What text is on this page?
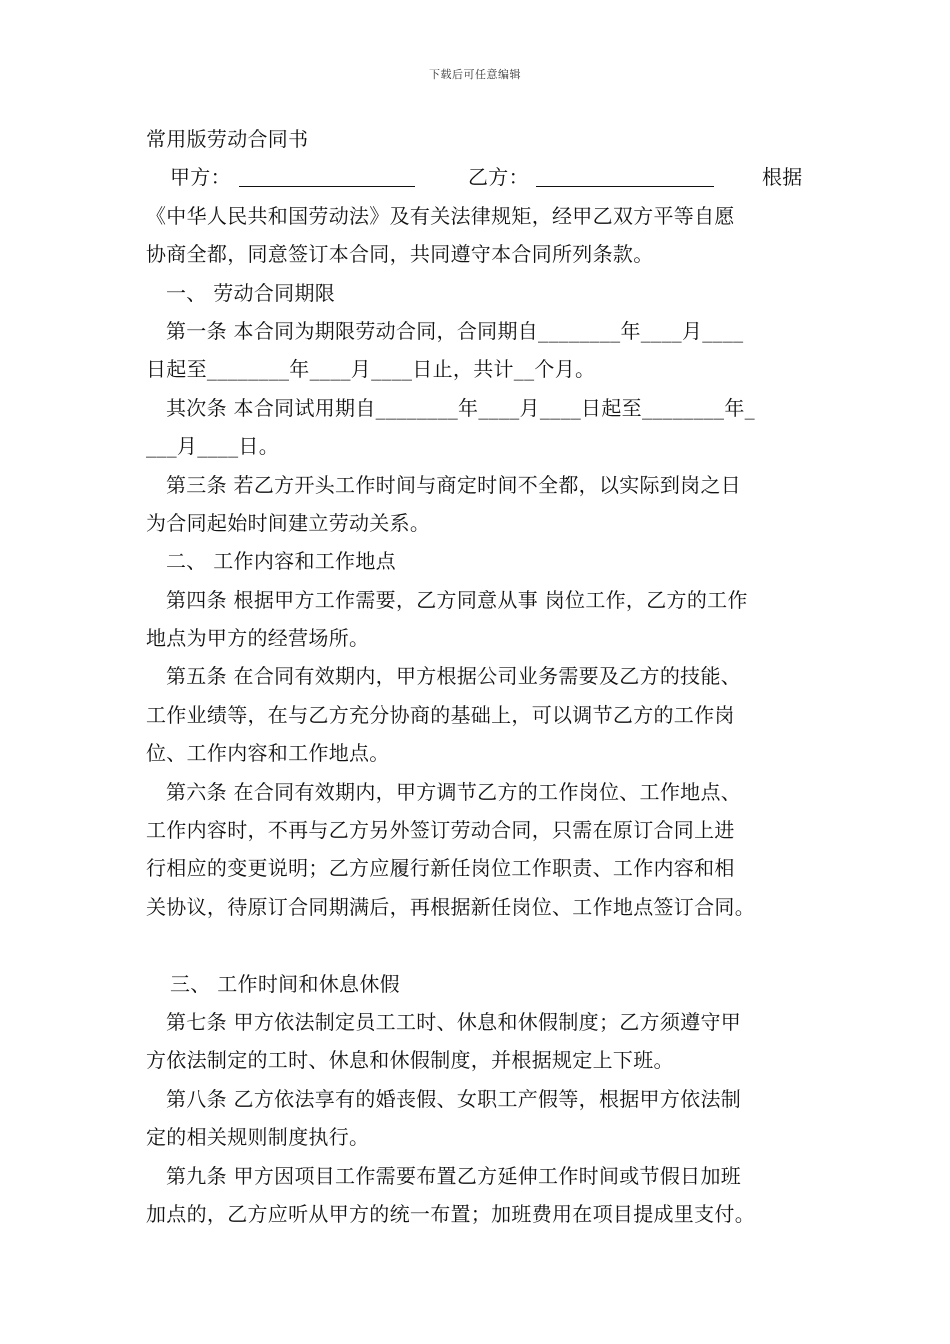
下载后可任意编辑
常用版劳动合同书
甲方：	乙方：	根据
《中华人民共和国劳动法》及有关法律规矩，经甲乙双方平等自愿
协商全都，同意签订本合同，共同遵守本合同所列条款。
一、 劳动合同期限
第一条 本合同为期限劳动合同，合同期自________年____月____
日起至________年____月____日止，共计__个月。
其次条 本合同试用期自________年____月____日起至________年_
___月____日。
第三条 若乙方开头工作时间与商定时间不全都，以实际到岗之日
为合同起始时间建立劳动关系。
二、 工作内容和工作地点
第四条 根据甲方工作需要，乙方同意从事 岗位工作，乙方的工作
地点为甲方的经营场所。
第五条 在合同有效期内，甲方根据公司业务需要及乙方的技能、
工作业绩等，在与乙方充分协商的基础上，可以调节乙方的工作岗
位、工作内容和工作地点。
第六条 在合同有效期内，甲方调节乙方的工作岗位、工作地点、
工作内容时，不再与乙方另外签订劳动合同，只需在原订合同上进
行相应的变更说明；乙方应履行新任岗位工作职责、工作内容和相
关协议，待原订合同期满后，再根据新任岗位、工作地点签订合同。
三、 工作时间和休息休假
第七条 甲方依法制定员工工时、休息和休假制度；乙方须遵守甲
方依法制定的工时、休息和休假制度，并根据规定上下班。
第八条 乙方依法享有的婚丧假、女职工产假等，根据甲方依法制
定的相关规则制度执行。
第九条 甲方因项目工作需要布置乙方延伸工作时间或节假日加班
加点的，乙方应听从甲方的统一布置；加班费用在项目提成里支付。
